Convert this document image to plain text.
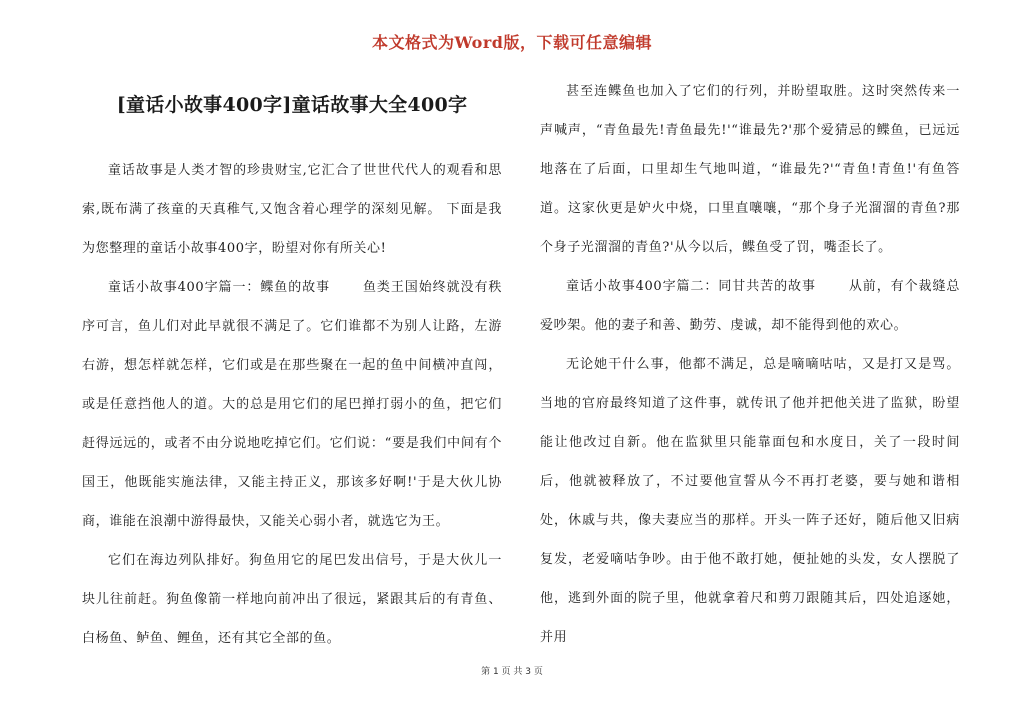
本文格式为Word版，下载可任意编辑
[童话小故事400字]童话故事大全400字

童话故事是人类才智的珍贵财宝,它汇合了世世代代人的观看和思索,既布满了孩童的天真稚气,又饱含着心理学的深刻见解。 下面是我为您整理的童话小故事400字，盼望对你有所关心!

童话小故事400字篇一：鲽鱼的故事　　 鱼类王国始终就没有秩序可言，鱼儿们对此早就很不满足了。它们谁都不为别人让路，左游右游，想怎样就怎样，它们或是在那些聚在一起的鱼中间横冲直闯，或是任意挡他人的道。大的总是用它们的尾巴掸打弱小的鱼，把它们赶得远远的，或者不由分说地吃掉它们。它们说：“要是我们中间有个国王，他既能实施法律，又能主持正义，那该多好啊!'于是大伙儿协商，谁能在浪潮中游得最快，又能关心弱小者，就选它为王。

它们在海边列队排好。狗鱼用它的尾巴发出信号，于是大伙儿一块儿往前赶。狗鱼像箭一样地向前冲出了很远，紧跟其后的有青鱼、白杨鱼、鲈鱼、鲤鱼，还有其它全部的鱼。

甚至连鲽鱼也加入了它们的行列，并盼望取胜。这时突然传来一声喊声，“青鱼最先!青鱼最先!'“谁最先?'那个爱猜忌的鲽鱼，已远远地落在了后面，口里却生气地叫道，“谁最先?'“青鱼!青鱼!'有鱼答道。这家伙更是妒火中烧，口里直嚷嚷，“那个身子光溜溜的青鱼?那个身子光溜溜的青鱼?'从今以后，鲽鱼受了罚，嘴歪长了。

童话小故事400字篇二：同甘共苦的故事　　 从前，有个裁缝总爱吵架。他的妻子和善、勤劳、虔诚，却不能得到他的欢心。

无论她干什么事，他都不满足，总是嘀嘀咕咕，又是打又是骂。当地的官府最终知道了这件事，就传讯了他并把他关进了监狱，盼望能让他改过自新。他在监狱里只能靠面包和水度日，关了一段时间后，他就被释放了，不过要他宣誓从今不再打老婆，要与她和谐相处，休戚与共，像夫妻应当的那样。开头一阵子还好，随后他又旧病复发，老爱嘀咕争吵。由于他不敢打她，便扯她的头发，女人摆脱了他，逃到外面的院子里，他就拿着尺和剪刀跟随其后，四处追逐她，并用

第 1 页 共 3 页
